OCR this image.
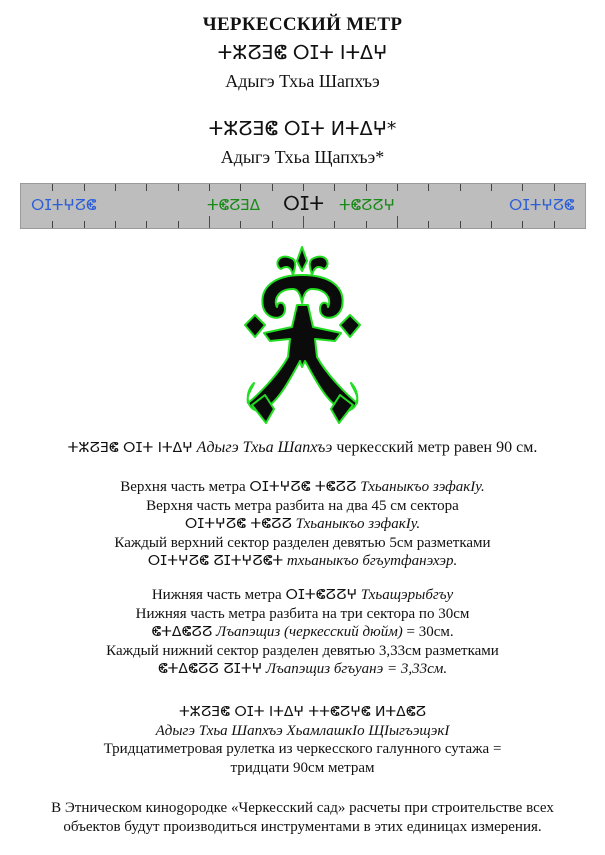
ЧЕРКЕССКИЙ МЕТР
ⵜⵣⵒⴺⵞ ⵔⵊⵜ ⵏⵜⵠⵖ
Адыгэ Тхьа Шапхъэ
ⵜⵣⵒⴺⵞ ⵔⵊⵜ ⵍⵜⵠⵖ*
Адыгэ Тхьа Щапхъэ*
ⵔⵊⵜⵖⵒⵞ	ⵜⵞⵒⴺⵠ ⵔⵊⵜ ⵜⵞⵒⵒⵖ	ⵔⵊⵜⵖⵒⵞ
ⵜⵣⵒⴺⵞ ⵔⵊⵜ ⵏⵜⵠⵖ Адыгэ Тхьа Шапхъэ черкесский метр равен 90 см.
Верхня часть метра ⵔⵊⵜⵖⵒⵞ ⵜⵞⵒⵒ Тхьаныкъо зэфакIу.
Верхня часть метра разбита на два 45 см сектора
ⵔⵊⵜⵖⵒⵞ ⵜⵞⵒⵒ Тхьаныкъо зэфакIу.
Каждый верхний сектор разделен девятью 5см разметками
ⵔⵊⵜⵖⵒⵞ ⵒⵊⵜⵖⵒⵞⵜ тхьаныкъо бгъутфанэхэр.
Нижняя часть метра ⵔⵊⵜⵞⵒⵒⵖ Тхьащэрыбгъу
Нижняя часть метра разбита на три сектора по 30см
ⵞⵜⵠⵞⵒⵒ Лъапэщиз (черкесский дюйм) = 30см.
Каждый нижний сектор разделен девятью 3,33см разметками
ⵞⵜⵠⵞⵒⵒ ⵒⵊⵜⵖ Лъапэщиз бгъуанэ = 3,33см.
ⵜⵣⵒⴺⵞ ⵔⵊⵜ ⵏⵜⵠⵖ ⵜⵜⵞⵒⵖⵞ ⵍⵜⵠⵞⵒ
Адыгэ Тхьа Шапхъэ ХьамлашкIо ЩIыгъэщэкI
Тридцатиметровая рулетка из черкесского галунного сутажа =
тридцати 90см метрам
В Этническом кинogородке «Черкесский сад» расчеты при строительстве всех
объектов будут производиться инструментами в этих единицах измерения.
